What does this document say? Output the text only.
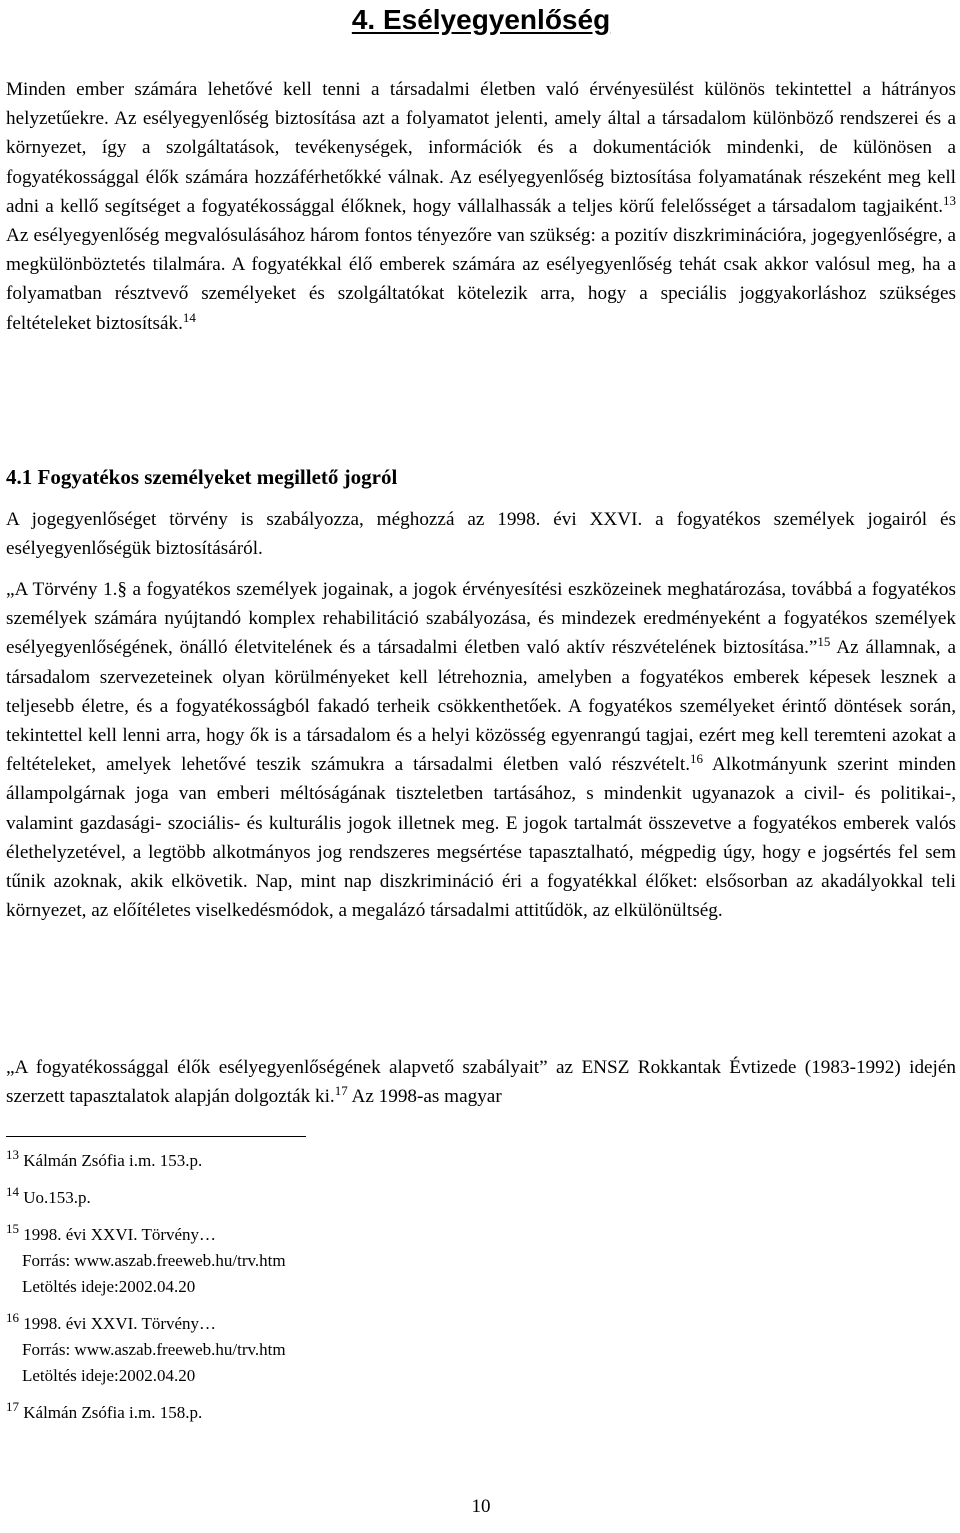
4. Esélyegyenlőség

Minden ember számára lehetővé kell tenni a társadalmi életben való érvényesülést különös tekintettel a hátrányos helyzetűekre. Az esélyegyenlőség biztosítása azt a folyamatot jelenti, amely által a társadalom különböző rendszerei és a környezet, így a szolgáltatások, tevékenységek, információk és a dokumentációk mindenki, de különösen a fogyatékossággal élők számára hozzáférhetőkké válnak. Az esélyegyenlőség biztosítása folyamatának részeként meg kell adni a kellő segítséget a fogyatékossággal élőknek, hogy vállalhassák a teljes körű felelősséget a társadalom tagjaiként.$^{13}$ Az esélyegyenlőség megvalósulásához három fontos tényezőre van szükség: a pozitív diszkriminációra, jogegyenlőségre, a megkülönböztetés tilalmára. A fogyatékkal élő emberek számára az esélyegyenlőség tehát csak akkor valósul meg, ha a folyamatban résztvevő személyeket és szolgáltatókat kötelezik arra, hogy a speciális joggyakorláshoz szükséges feltételeket biztosítsák.$^{14}$

4.1 Fogyatékos személyeket megillető jogról

A jogegyenlőséget törvény is szabályozza, méghozzá az 1998. évi XXVI. a fogyatékos személyek jogairól és esélyegyenlőségük biztosításáról.

„A Törvény 1.§ a fogyatékos személyek jogainak, a jogok érvényesítési eszközeinek meghatározása, továbbá a fogyatékos személyek számára nyújtandó komplex rehabilitáció szabályozása, és mindezek eredményeként a fogyatékos személyek esélyegyenlőségének, önálló életvitelének és a társadalmi életben való aktív részvételének biztosítása.”$^{15}$ Az államnak, a társadalom szervezeteinek olyan körülményeket kell létrehoznia, amelyben a fogyatékos emberek képesek lesznek a teljesebb életre, és a fogyatékosságból fakadó terheik csökkenthetőek. A fogyatékos személyeket érintő döntések során, tekintettel kell lenni arra, hogy ők is a társadalom és a helyi közösség egyenrangú tagjai, ezért meg kell teremteni azokat a feltételeket, amelyek lehetővé teszik számukra a társadalmi életben való részvételt.$^{16}$ Alkotmányunk szerint minden állampolgárnak joga van emberi méltóságának tiszteletben tartásához, s mindenkit ugyanazok a civil- és politikai-, valamint gazdasági- szociális- és kulturális jogok illetnek meg. E jogok tartalmát összevetve a fogyatékos emberek valós élethelyzetével, a legtöbb alkotmányos jog rendszeres megsértése tapasztalható, mégpedig úgy, hogy e jogsértés fel sem tűnik azoknak, akik elkövetik. Nap, mint nap diszkrimináció éri a fogyatékkal élőket: elsősorban az akadályokkal teli környezet, az előítéletes viselkedésmódok, a megalázó társadalmi attitűdök, az elkülönültség.

„A fogyatékossággal élők esélyegyenlőségének alapvető szabályait” az ENSZ Rokkantak Évtizede (1983-1992) idején szerzett tapasztalatok alapján dolgozták ki.$^{17}$ Az 1998-as magyar

$^{13}$ Kálmán Zsófia i.m. 153.p.
$^{14}$ Uo.153.p.
$^{15}$ 1998. évi XXVI. Törvény…
Forrás: www.aszab.freeweb.hu/trv.htm
Letöltés ideje:2002.04.20
$^{16}$ 1998. évi XXVI. Törvény…
Forrás: www.aszab.freeweb.hu/trv.htm
Letöltés ideje:2002.04.20
$^{17}$ Kálmán Zsófia i.m. 158.p.
10
